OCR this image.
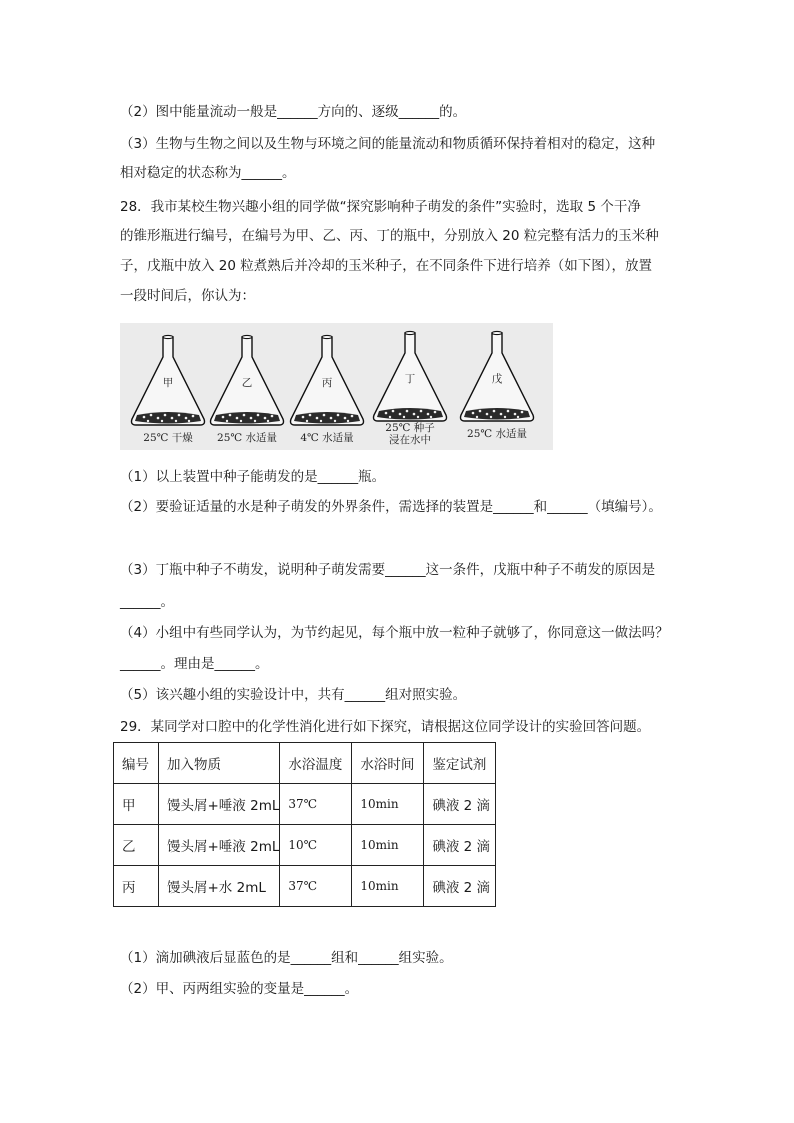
（2）图中能量流动一般是______方向的、逐级______的。
（3）生物与生物之间以及生物与环境之间的能量流动和物质循环保持着相对的稳定，这种
相对稳定的状态称为______。
28．我市某校生物兴趣小组的同学做“探究影响种子萌发的条件”实验时，选取 5 个干净
的锥形瓶进行编号，在编号为甲、乙、丙、丁的瓶中，分别放入 20 粒完整有活力的玉米种
子，戊瓶中放入 20 粒煮熟后并冷却的玉米种子，在不同条件下进行培养（如下图），放置
一段时间后，你认为：
甲
25℃ 干燥
乙
25℃ 水适量
丙
4℃ 水适量
丁
25℃ 种子
浸在水中
戊
25℃ 水适量
（1）以上装置中种子能萌发的是______瓶。
（2）要验证适量的水是种子萌发的外界条件，需选择的装置是______和______（填编号）。
（3）丁瓶中种子不萌发，说明种子萌发需要______这一条件，戊瓶中种子不萌发的原因是
______。
（4）小组中有些同学认为，为节约起见，每个瓶中放一粒种子就够了，你同意这一做法吗？
______。理由是______。
（5）该兴趣小组的实验设计中，共有______组对照实验。
29．某同学对口腔中的化学性消化进行如下探究，请根据这位同学设计的实验回答问题。
编号	加入物质	水浴温度	水浴时间	鉴定试剂
甲	馒头屑+唾液 2mL	37℃	10min	碘液 2 滴
乙	馒头屑+唾液 2mL	10℃	10min	碘液 2 滴
丙	馒头屑+水 2mL	37℃	10min	碘液 2 滴
（1）滴加碘液后显蓝色的是______组和______组实验。
（2）甲、丙两组实验的变量是______。
